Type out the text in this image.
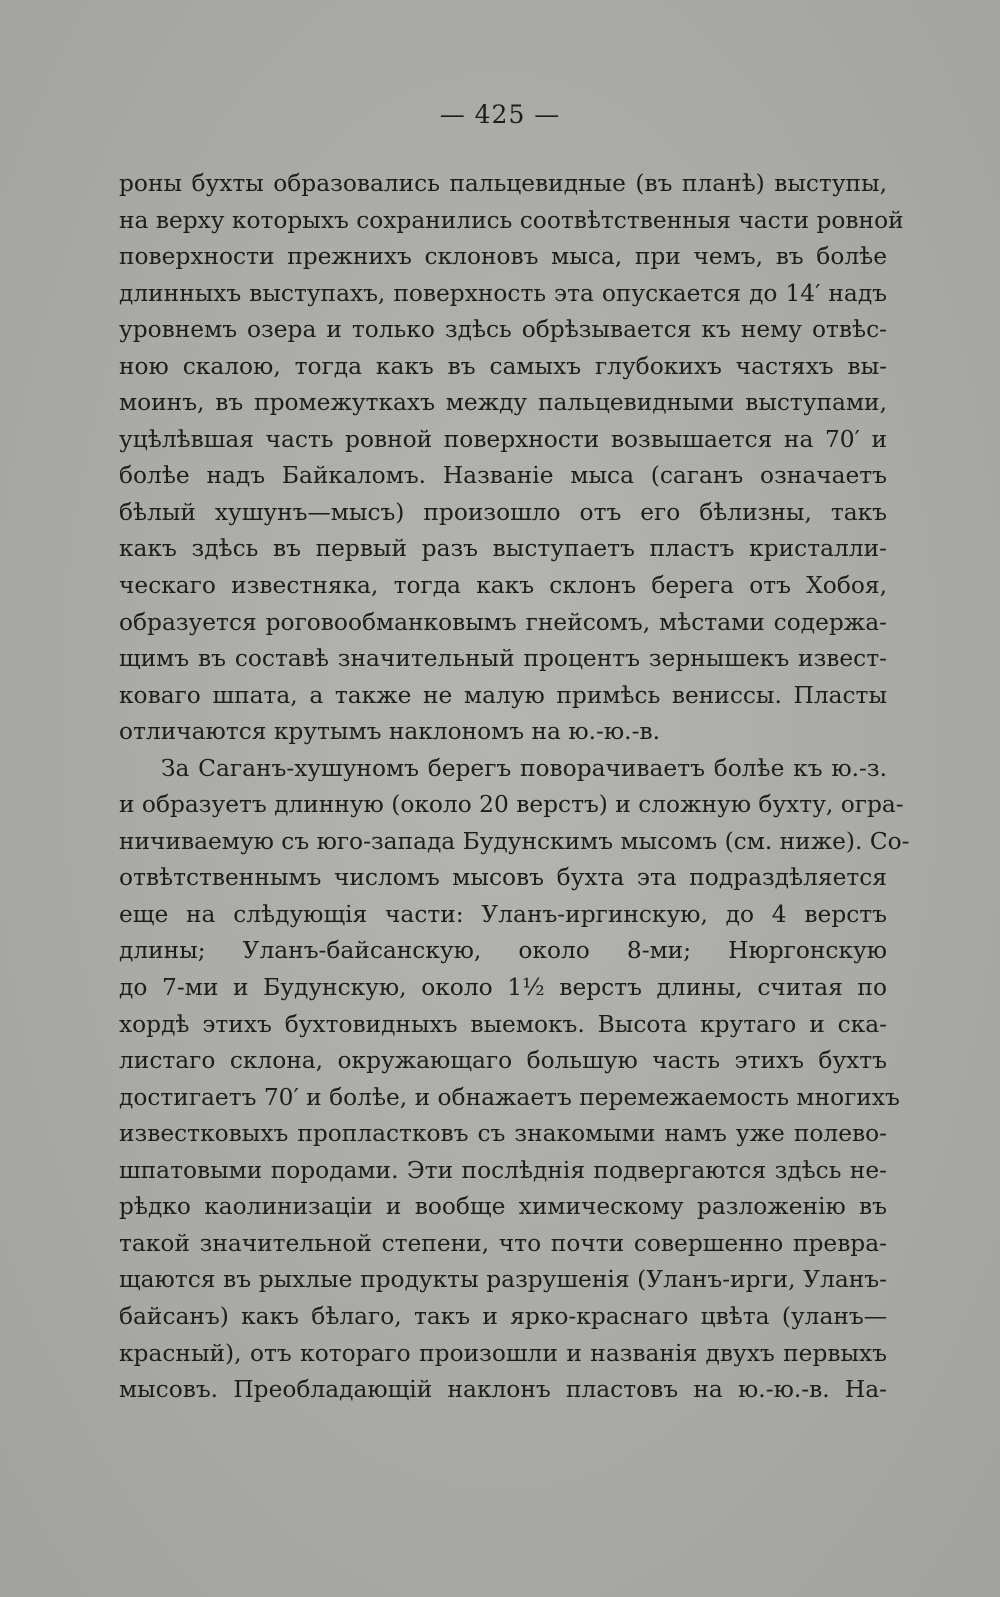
— 425 —
роны бухты образовались пальцевидные (въ планѣ) выступы,
на верху которыхъ сохранились соотвѣтственныя части ровной
поверхности прежнихъ склоновъ мыса, при чемъ, въ болѣе
длинныхъ выступахъ, поверхность эта опускается до 14′ надъ
уровнемъ озера и только здѣсь обрѣзывается къ нему отвѣс-
ною скалою, тогда какъ въ самыхъ глубокихъ частяхъ вы-
моинъ, въ промежуткахъ между пальцевидными выступами,
уцѣлѣвшая часть ровной поверхности возвышается на 70′ и
болѣе надъ Байкаломъ. Названіе мыса (саганъ означаетъ
бѣлый хушунъ—мысъ) произошло отъ его бѣлизны, такъ
какъ здѣсь въ первый разъ выступаетъ пластъ кристалли-
ческаго известняка, тогда какъ склонъ берега отъ Хобоя,
образуется роговообманковымъ гнейсомъ, мѣстами содержа-
щимъ въ составѣ значительный процентъ зернышекъ извест-
коваго шпата, а также не малую примѣсь венисcы. Пласты
отличаются крутымъ наклономъ на ю.-ю.-в.
За Саганъ-хушуномъ берегъ поворачиваетъ болѣе къ ю.-з.
и образуетъ длинную (около 20 верстъ) и сложную бухту, огра-
ничиваемую съ юго-запада Будунскимъ мысомъ (см. ниже). Со-
отвѣтственнымъ числомъ мысовъ бухта эта подраздѣляется
еще на слѣдующія части: Уланъ-иргинскую, до 4 верстъ
длины; Уланъ-байсанскую, около 8-ми; Нюргонскую
до 7-ми и Будунскую, около 1½ верстъ длины, считая по
хордѣ этихъ бухтовидныхъ выемокъ. Высота крутаго и ска-
листаго склона, окружающаго большую часть этихъ бухтъ
достигаетъ 70′ и болѣе, и обнажаетъ перемежаемость многихъ
известковыхъ пропластковъ съ знакомыми намъ уже полево-
шпатовыми породами. Эти послѣднія подвергаются здѣсь не-
рѣдко каолинизаціи и вообще химическому разложенію въ
такой значительной степени, что почти совершенно превра-
щаются въ рыхлые продукты разрушенія (Уланъ-ирги, Уланъ-
байсанъ) какъ бѣлаго, такъ и ярко-краснаго цвѣта (уланъ—
красный), отъ котораго произошли и названія двухъ первыхъ
мысовъ. Преобладающій наклонъ пластовъ на ю.-ю.-в. На-
